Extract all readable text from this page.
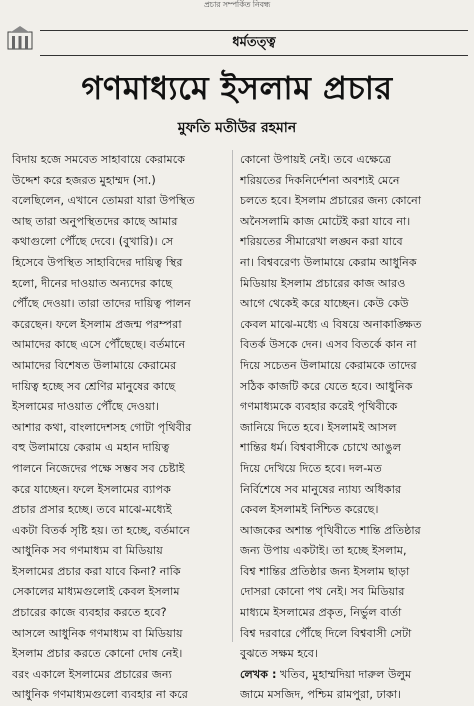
প্রচার সম্পর্কিত নিবন্ধ
ধর্মতত্ত্ব
গণমাধ্যমে ইসলাম প্রচার
মুফতি মতীউর রহমান
বিদায় হজে সমবেত সাহাবায়ে কেরামকে
উদ্দেশ করে হজরত মুহাম্মদ (সা.)
বলেছিলেন, এখানে তোমরা যারা উপস্থিত
আছ তারা অনুপস্থিতদের কাছে আমার
কথাগুলো পৌঁছে দেবে। (বুখারি)। সে
হিসেবে উপস্থিত সাহাবিদের দায়িত্ব স্থির
হলো, দীনের দাওয়াত অন্যদের কাছে
পৌঁছে দেওয়া। তারা তাদের দায়িত্ব পালন
করেছেন। ফলে ইসলাম প্রজন্ম পরম্পরা
আমাদের কাছে এসে পৌঁছেছে। বর্তমানে
আমাদের বিশেষত উলামায়ে কেরামের
দায়িত্ব হচ্ছে সব শ্রেণির মানুষের কাছে
ইসলামের দাওয়াত পৌঁছে দেওয়া।
আশার কথা, বাংলাদেশসহ গোটা পৃথিবীর
বহু উলামায়ে কেরাম এ মহান দায়িত্ব
পালনে নিজেদের পক্ষে সম্ভব সব চেষ্টাই
করে যাচ্ছেন। ফলে ইসলামের ব্যাপক
প্রচার প্রসার হচ্ছে। তবে মাঝে-মধ্যেই
একটা বিতর্ক সৃষ্টি হয়। তা হচ্ছে, বর্তমানে
আধুনিক সব গণমাধ্যম বা মিডিয়ায়
ইসলামের প্রচার করা যাবে কিনা? নাকি
সেকালের মাধ্যমগুলোই কেবল ইসলাম
প্রচারের কাজে ব্যবহার করতে হবে?
আসলে আধুনিক গণমাধ্যম বা মিডিয়ায়
ইসলাম প্রচার করতে কোনো দোষ নেই।
বরং একালে ইসলামের প্রচারের জন্য
আধুনিক গণমাধ্যমগুলো ব্যবহার না করে
কোনো উপায়ই নেই। তবে এক্ষেত্রে
শরিয়তের দিকনির্দেশনা অবশ্যই মেনে
চলতে হবে। ইসলাম প্রচারের জন্য কোনো
অনৈসলামি কাজ মোটেই করা যাবে না।
শরিয়তের সীমারেখা লঙ্ঘন করা যাবে
না। বিশ্ববরেণ্য উলামায়ে কেরাম আধুনিক
মিডিয়ায় ইসলাম প্রচারের কাজ আরও
আগে থেকেই করে যাচ্ছেন। কেউ কেউ
কেবল মাঝে-মধ্যে এ বিষয়ে অনাকাঙ্ক্ষিত
বিতর্ক উসকে দেন। এসব বিতর্কে কান না
দিয়ে সচেতন উলামায়ে কেরামকে তাদের
সঠিক কাজটি করে যেতে হবে। আধুনিক
গণমাধ্যমকে ব্যবহার করেই পৃথিবীকে
জানিয়ে দিতে হবে। ইসলামই আসল
শান্তির ধর্ম। বিশ্ববাসীকে চোখে আঙুল
দিয়ে দেখিয়ে দিতে হবে। দল-মত
নির্বিশেষে সব মানুষের ন্যায্য অধিকার
কেবল ইসলামই নিশ্চিত করেছে।
আজকের অশান্ত পৃথিবীতে শান্তি প্রতিষ্ঠার
জন্য উপায় একটাই। তা হচ্ছে ইসলাম,
বিশ্ব শান্তির প্রতিষ্ঠার জন্য ইসলাম ছাড়া
দোসরা কোনো পথ নেই। সব মিডিয়ার
মাধ্যমে ইসলামের প্রকৃত, নির্ভুল বার্তা
বিশ্ব দরবারে পৌঁছে দিলে বিশ্ববাসী সেটা
বুঝতে সক্ষম হবে।
লেখক : খতিব, মুহাম্মদিয়া দারুল উলুম
জামে মসজিদ, পশ্চিম রামপুরা, ঢাকা।
